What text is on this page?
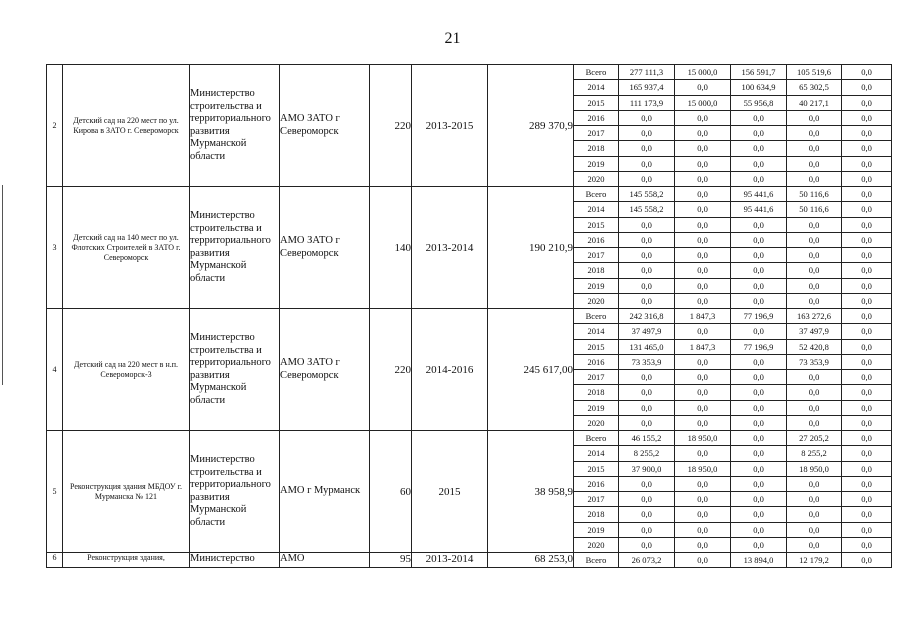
21
2	Детский сад на 220 мест по ул. Кирова в ЗАТО г. Североморск	Министерство строительства и территориального развития Мурманской области	АМО ЗАТО г Североморск	220	2013-2015	289 370,9	Всего	277 111,3	15 000,0	156 591,7	105 519,6	0,0
							2014	165 937,4	0,0	100 634,9	65 302,5	0,0
							2015	111 173,9	15 000,0	55 956,8	40 217,1	0,0
							2016	0,0	0,0	0,0	0,0	0,0
							2017	0,0	0,0	0,0	0,0	0,0
							2018	0,0	0,0	0,0	0,0	0,0
							2019	0,0	0,0	0,0	0,0	0,0
							2020	0,0	0,0	0,0	0,0	0,0
3	Детский сад на 140 мест по ул. Флотских Строителей в ЗАТО г. Североморск	Министерство строительства и территориального развития Мурманской области	АМО ЗАТО г Североморск	140	2013-2014	190 210,9	Всего	145 558,2	0,0	95 441,6	50 116,6	0,0
							2014	145 558,2	0,0	95 441,6	50 116,6	0,0
							2015	0,0	0,0	0,0	0,0	0,0
							2016	0,0	0,0	0,0	0,0	0,0
							2017	0,0	0,0	0,0	0,0	0,0
							2018	0,0	0,0	0,0	0,0	0,0
							2019	0,0	0,0	0,0	0,0	0,0
							2020	0,0	0,0	0,0	0,0	0,0
4	Детский сад на 220 мест в н.п. Североморск-3	Министерство строительства и территориального развития Мурманской области	АМО ЗАТО г Североморск	220	2014-2016	245 617,00	Всего	242 316,8	1 847,3	77 196,9	163 272,6	0,0
							2014	37 497,9	0,0	0,0	37 497,9	0,0
							2015	131 465,0	1 847,3	77 196,9	52 420,8	0,0
							2016	73 353,9	0,0	0,0	73 353,9	0,0
							2017	0,0	0,0	0,0	0,0	0,0
							2018	0,0	0,0	0,0	0,0	0,0
							2019	0,0	0,0	0,0	0,0	0,0
							2020	0,0	0,0	0,0	0,0	0,0
5	Реконструкция здания МБДОУ г. Мурманска № 121	Министерство строительства и территориального развития Мурманской области	АМО г Мурманск	60	2015	38 958,9	Всего	46 155,2	18 950,0	0,0	27 205,2	0,0
							2014	8 255,2	0,0	0,0	8 255,2	0,0
							2015	37 900,0	18 950,0	0,0	18 950,0	0,0
							2016	0,0	0,0	0,0	0,0	0,0
							2017	0,0	0,0	0,0	0,0	0,0
							2018	0,0	0,0	0,0	0,0	0,0
							2019	0,0	0,0	0,0	0,0	0,0
							2020	0,0	0,0	0,0	0,0	0,0
6	Реконструкция здания,	Министерство	АМО	95	2013-2014	68 253,0	Всего	26 073,2	0,0	13 894,0	12 179,2	0,0
